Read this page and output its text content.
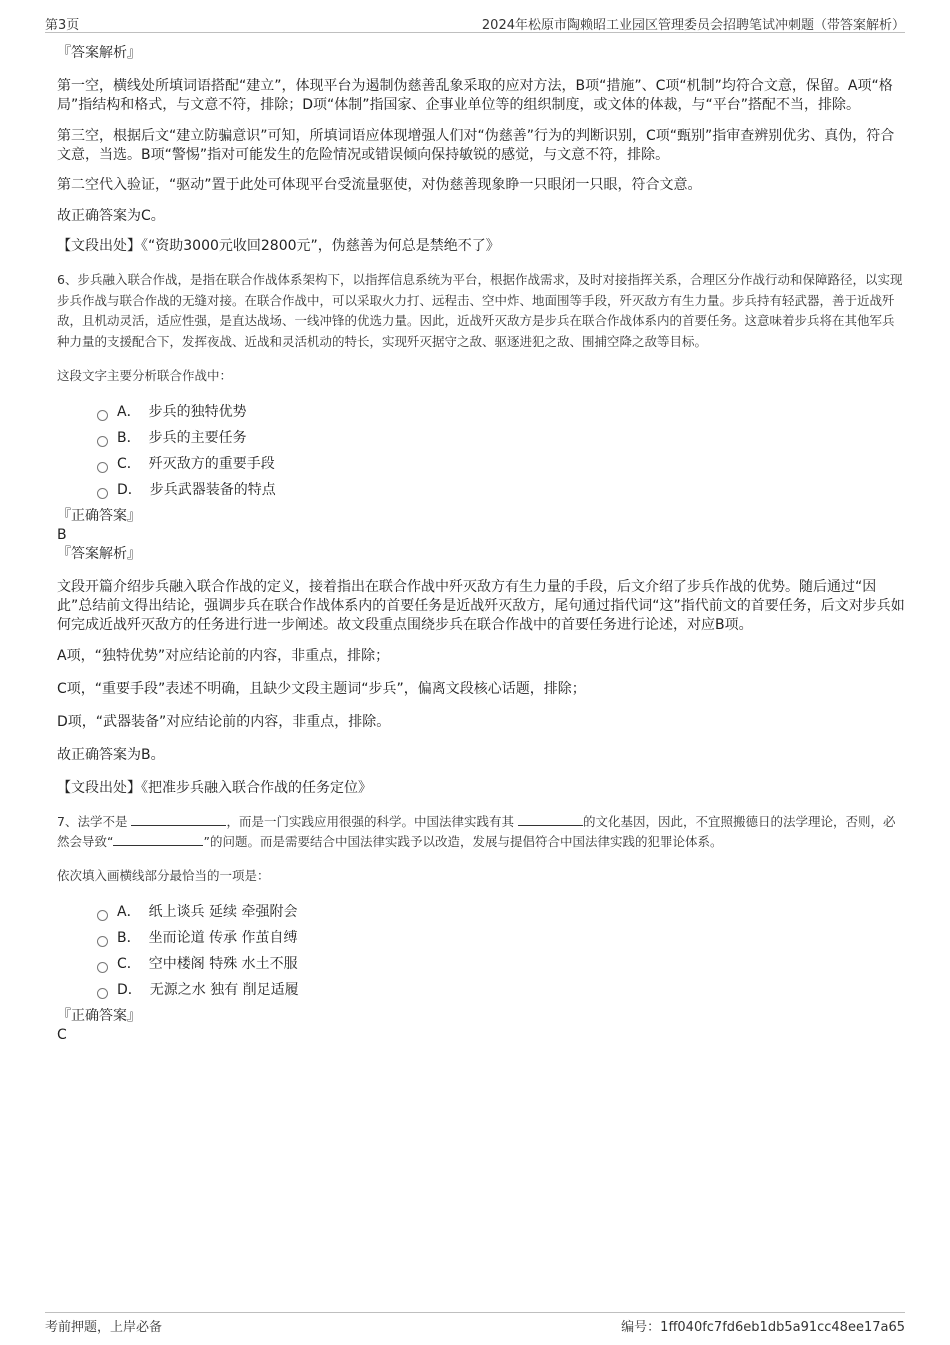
第3页	2024年松原市陶赖昭工业园区管理委员会招聘笔试冲刺题（带答案解析）

『答案解析』

第一空，横线处所填词语搭配“建立”，体现平台为遏制伪慈善乱象采取的应对方法，B项“措施”、C项“机制”均符合文意，保留。A项“格局”指结构和格式，与文意不符，排除；D项“体制”指国家、企事业单位等的组织制度，或文体的体裁，与“平台”搭配不当，排除。

第三空，根据后文“建立防骗意识”可知，所填词语应体现增强人们对“伪慈善”行为的判断识别，C项“甄别”指审查辨别优劣、真伪，符合文意，当选。B项“警惕”指对可能发生的危险情况或错误倾向保持敏锐的感觉，与文意不符，排除。

第二空代入验证，“驱动”置于此处可体现平台受流量驱使，对伪慈善现象睁一只眼闭一只眼，符合文意。

故正确答案为C。

【文段出处】《“资助3000元收回2800元”，伪慈善为何总是禁绝不了》

6、步兵融入联合作战，是指在联合作战体系架构下，以指挥信息系统为平台，根据作战需求，及时对接指挥关系，合理区分作战行动和保障路径，以实现步兵作战与联合作战的无缝对接。在联合作战中，可以采取火力打、远程击、空中炸、地面围等手段，歼灭敌方有生力量。步兵持有轻武器，善于近战歼敌，且机动灵活，适应性强，是直达战场、一线冲锋的优选力量。因此，近战歼灭敌方是步兵在联合作战体系内的首要任务。这意味着步兵将在其他军兵种力量的支援配合下，发挥夜战、近战和灵活机动的特长，实现歼灭据守之敌、驱逐进犯之敌、围捕空降之敌等目标。

这段文字主要分析联合作战中：

A． 步兵的独特优势
B． 步兵的主要任务
C． 歼灭敌方的重要手段
D． 步兵武器装备的特点

『正确答案』

B

『答案解析』

文段开篇介绍步兵融入联合作战的定义，接着指出在联合作战中歼灭敌方有生力量的手段，后文介绍了步兵作战的优势。随后通过“因此”总结前文得出结论，强调步兵在联合作战体系内的首要任务是近战歼灭敌方，尾句通过指代词“这”指代前文的首要任务，后文对步兵如何完成近战歼灭敌方的任务进行进一步阐述。故文段重点围绕步兵在联合作战中的首要任务进行论述，对应B项。

A项，“独特优势”对应结论前的内容，非重点，排除；

C项，“重要手段”表述不明确，且缺少文段主题词“步兵”，偏离文段核心话题，排除；

D项，“武器装备”对应结论前的内容，非重点，排除。

故正确答案为B。

【文段出处】《把准步兵融入联合作战的任务定位》

7、法学不是	，而是一门实践应用很强的科学。中国法律实践有其	的文化基因，因此，不宜照搬德日的法学理论，否则，必然会导致“	”的问题。而是需要结合中国法律实践予以改造，发展与提倡符合中国法律实践的犯罪论体系。

依次填入画横线部分最恰当的一项是：

A． 纸上谈兵 延续 牵强附会
B． 坐而论道 传承 作茧自缚
C． 空中楼阁 特殊 水土不服
D． 无源之水 独有 削足适履

『正确答案』

C

考前押题，上岸必备	编号：1ff040fc7fd6eb1db5a91cc48ee17a65
